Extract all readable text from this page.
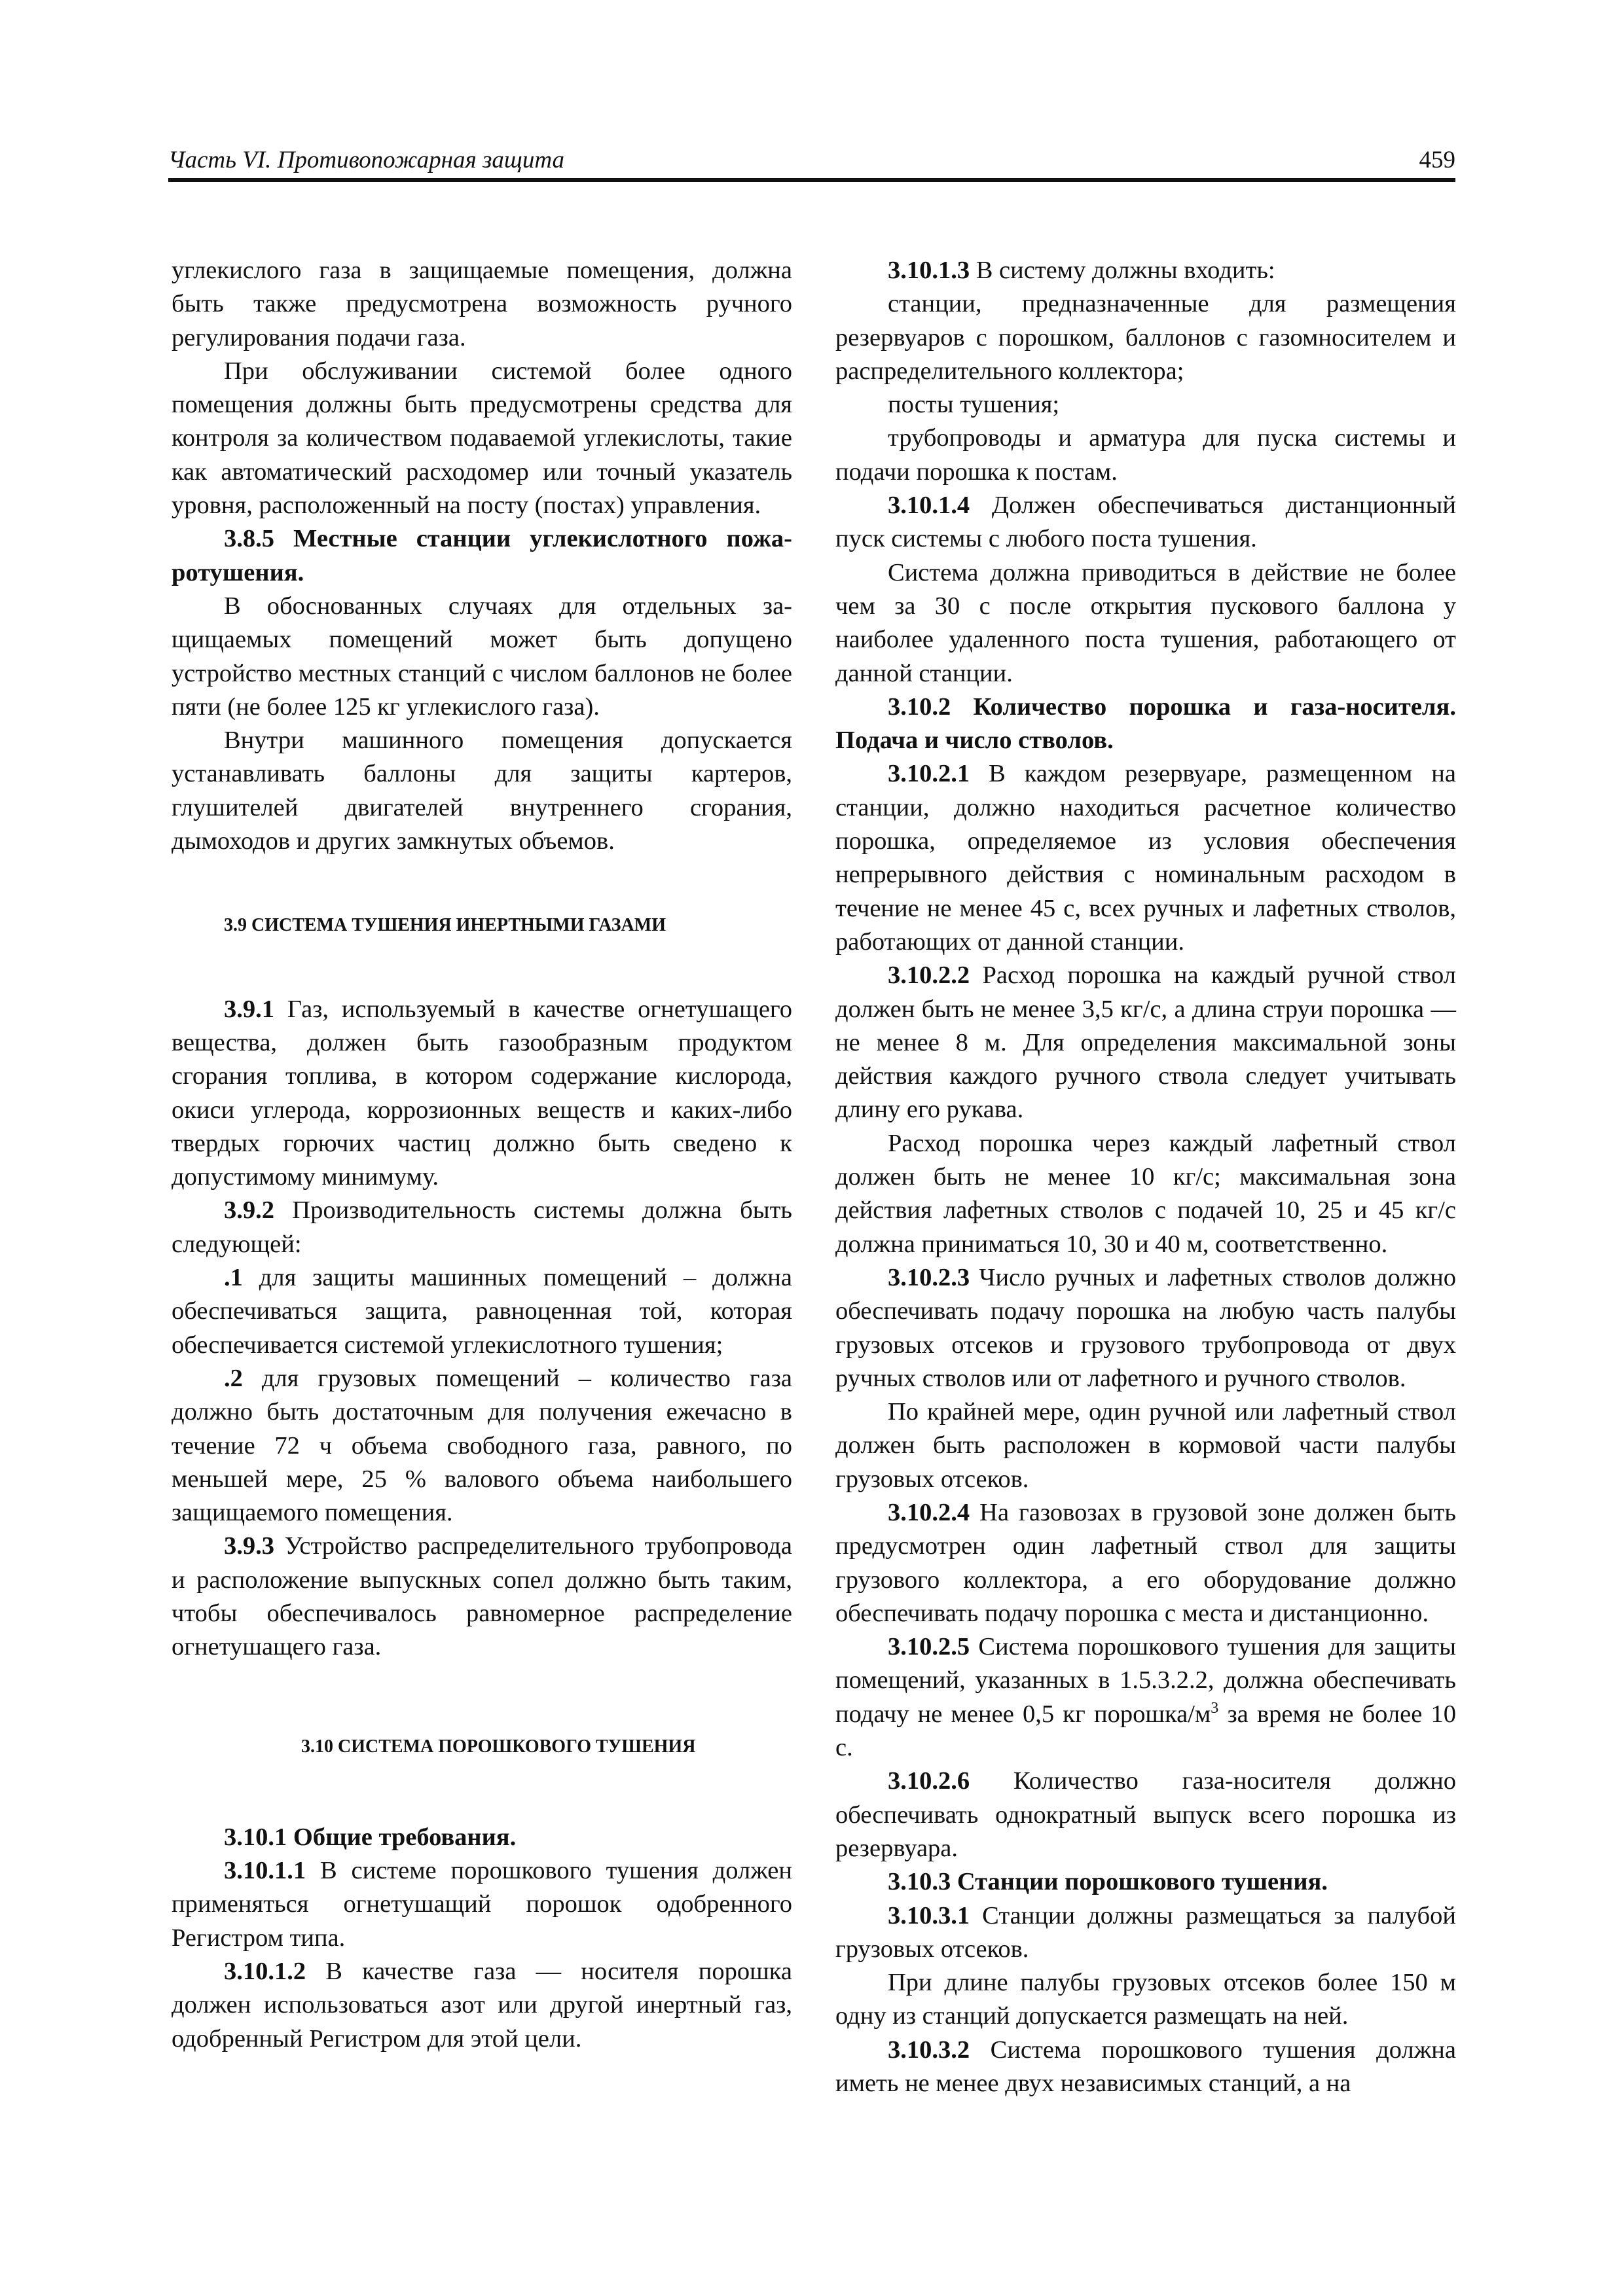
Часть VI. Противопожарная защита	459

углекислого газа в защищаемые помещения, должна быть также предусмотрена возможность ручного регулирования подачи газа.

При обслуживании системой более одного помещения должны быть предусмотрены средства для контроля за количеством подаваемой углекислоты, такие как автоматический расходомер или точный указатель уровня, расположенный на посту (постах) управления.

3.8.5 Местные станции углекислотного пожаротушения.

В обоснованных случаях для отдельных защищаемых помещений может быть допущено устройство местных станций с числом баллонов не более пяти (не более 125 кг углекислого газа).

Внутри машинного помещения допускается устанавливать баллоны для защиты картеров, глушителей двигателей внутреннего сгорания, дымоходов и других замкнутых объемов.

3.9 СИСТЕМА ТУШЕНИЯ ИНЕРТНЫМИ ГАЗАМИ

3.9.1 Газ, используемый в качестве огнетушащего вещества, должен быть газообразным продуктом сгорания топлива, в котором содержание кислорода, окиси углерода, коррозионных веществ и каких-либо твердых горючих частиц должно быть сведено к допустимому минимуму.

3.9.2 Производительность системы должна быть следующей:

.1 для защиты машинных помещений – должна обеспечиваться защита, равноценная той, которая обеспечивается системой углекислотного тушения;

.2 для грузовых помещений – количество газа должно быть достаточным для получения ежечасно в течение 72 ч объема свободного газа, равного, по меньшей мере, 25 % валового объема наибольшего защищаемого помещения.

3.9.3 Устройство распределительного трубопровода и расположение выпускных сопел должно быть таким, чтобы обеспечивалось равномерное распределение огнетушащего газа.

3.10 СИСТЕМА ПОРОШКОВОГО ТУШЕНИЯ

3.10.1 Общие требования.

3.10.1.1 В системе порошкового тушения должен применяться огнетушащий порошок одобренного Регистром типа.

3.10.1.2 В качестве газа — носителя порошка должен использоваться азот или другой инертный газ, одобренный Регистром для этой цели.

3.10.1.3 В систему должны входить:

станции, предназначенные для размещения резервуаров с порошком, баллонов с газомносителем и распределительного коллектора;

посты тушения;

трубопроводы и арматура для пуска системы и подачи порошка к постам.

3.10.1.4 Должен обеспечиваться дистанционный пуск системы с любого поста тушения.

Система должна приводиться в действие не более чем за 30 с после открытия пускового баллона у наиболее удаленного поста тушения, работающего от данной станции.

3.10.2 Количество порошка и газа-носителя. Подача и число стволов.

3.10.2.1 В каждом резервуаре, размещенном на станции, должно находиться расчетное количество порошка, определяемое из условия обеспечения непрерывного действия с номинальным расходом в течение не менее 45 с, всех ручных и лафетных стволов, работающих от данной станции.

3.10.2.2 Расход порошка на каждый ручной ствол должен быть не менее 3,5 кг/с, а длина струи порошка — не менее 8 м. Для определения максимальной зоны действия каждого ручного ствола следует учитывать длину его рукава.

Расход порошка через каждый лафетный ствол должен быть не менее 10 кг/с; максимальная зона действия лафетных стволов с подачей 10, 25 и 45 кг/с должна приниматься 10, 30 и 40 м, соответственно.

3.10.2.3 Число ручных и лафетных стволов должно обеспечивать подачу порошка на любую часть палубы грузовых отсеков и грузового трубопровода от двух ручных стволов или от лафетного и ручного стволов.

По крайней мере, один ручной или лафетный ствол должен быть расположен в кормовой части палубы грузовых отсеков.

3.10.2.4 На газовозах в грузовой зоне должен быть предусмотрен один лафетный ствол для защиты грузового коллектора, а его оборудование должно обеспечивать подачу порошка с места и дистанционно.

3.10.2.5 Система порошкового тушения для защиты помещений, указанных в 1.5.3.2.2, должна обеспечивать подачу не менее 0,5 кг порошка/$м^3$ за время не более 10 с.

3.10.2.6 Количество газа-носителя должно обеспечивать однократный выпуск всего порошка из резервуара.

3.10.3 Станции порошкового тушения.

3.10.3.1 Станции должны размещаться за палубой грузовых отсеков.

При длине палубы грузовых отсеков более 150 м одну из станций допускается размещать на ней.

3.10.3.2 Система порошкового тушения должна иметь не менее двух независимых станций, а на
